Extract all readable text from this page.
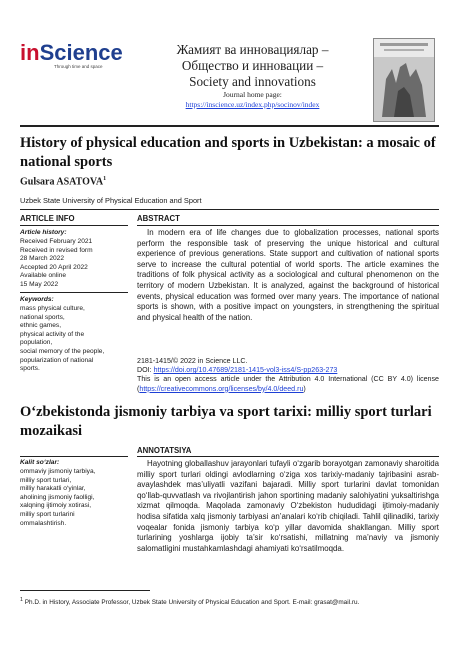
inScience
Through time and space
Жамият ва инновациялар –
Общество и инновации –
Society and innovations
Journal home page:
https://inscience.uz/index.php/socinov/index
History of physical education and sports in Uzbekistan: a mosaic of national sports
Gulsara ASATOVA$^1$
Uzbek State University of Physical Education and Sport
ARTICLE INFO
Article history:
Received February 2021
Received in revised form
28 March 2022
Accepted 20 April 2022
Available online
15 May 2022
Keywords:
mass physical culture,
national sports,
ethnic games,
physical activity of the
population,
social memory of the people,
popularization of national
sports.
ABSTRACT
In modern era of life changes due to globalization processes, national sports perform the responsible task of preserving the unique historical and cultural experience of previous generations. State support and cultivation of national sports serve to increase the cultural potential of world sports. The article examines the traditions of folk physical activity as a sociological and cultural phenomenon on the territory of modern Uzbekistan. It is analyzed, against the background of historical events, physical education was formed over many years. The importance of national sports is shown, with a positive impact on youngsters, in strengthening the spiritual and physical health of the nation.
2181-1415/© 2022 in Science LLC.
DOI: https://doi.org/10.47689/2181-1415-vol3-iss4/S-pp263-273
This is an open access article under the Attribution 4.0 International (CC BY 4.0) license (https://creativecommons.org/licenses/by/4.0/deed.ru)
O‘zbekistonda jismoniy tarbiya va sport tarixi: milliy sport turlari mozaikasi
ANNOTATSIYA
Kalit so‘zlar:
ommaviy jismoniy tarbiya,
milliy sport turlari,
milliy harakatli o‘yinlar,
aholining jismoniy faolligi,
xalqning ijtimoiy xotirasi,
milliy sport turlarini
ommalashtirish.
Hayotning globallashuv jarayonlari tufayli o‘zgarib borayotgan zamonaviy sharoitida milliy sport turlari oldingi avlodlarning o‘ziga xos tarixiy-madaniy tajribasini asrab-avaylashdek mas’uliyatli vazifani bajaradi. Milliy sport turlarini davlat tomonidan qo‘llab-quvvatlash va rivojlantirish jahon sportining madaniy salohiyatini yuksaltirishga xizmat qilmoqda. Maqolada zamonaviy O‘zbekiston hududidagi ijtimoiy-madaniy hodisa sifatida xalq jismoniy tarbiyasi an’analari ko‘rib chiqiladi. Tahlil qilinadiki, tarixiy voqealar fonida jismoniy tarbiya ko‘p yillar davomida shakllangan. Milliy sport turlarining yoshlarga ijobiy ta’sir ko‘rsatishi, millatning ma’naviy va jismoniy salomatligini mustahkamlashdagi ahamiyati ko‘rsatilmoqda.
$^1$ Ph.D. in History, Associate Professor, Uzbek State University of Physical Education and Sport. E-mail: grasat@mail.ru.
